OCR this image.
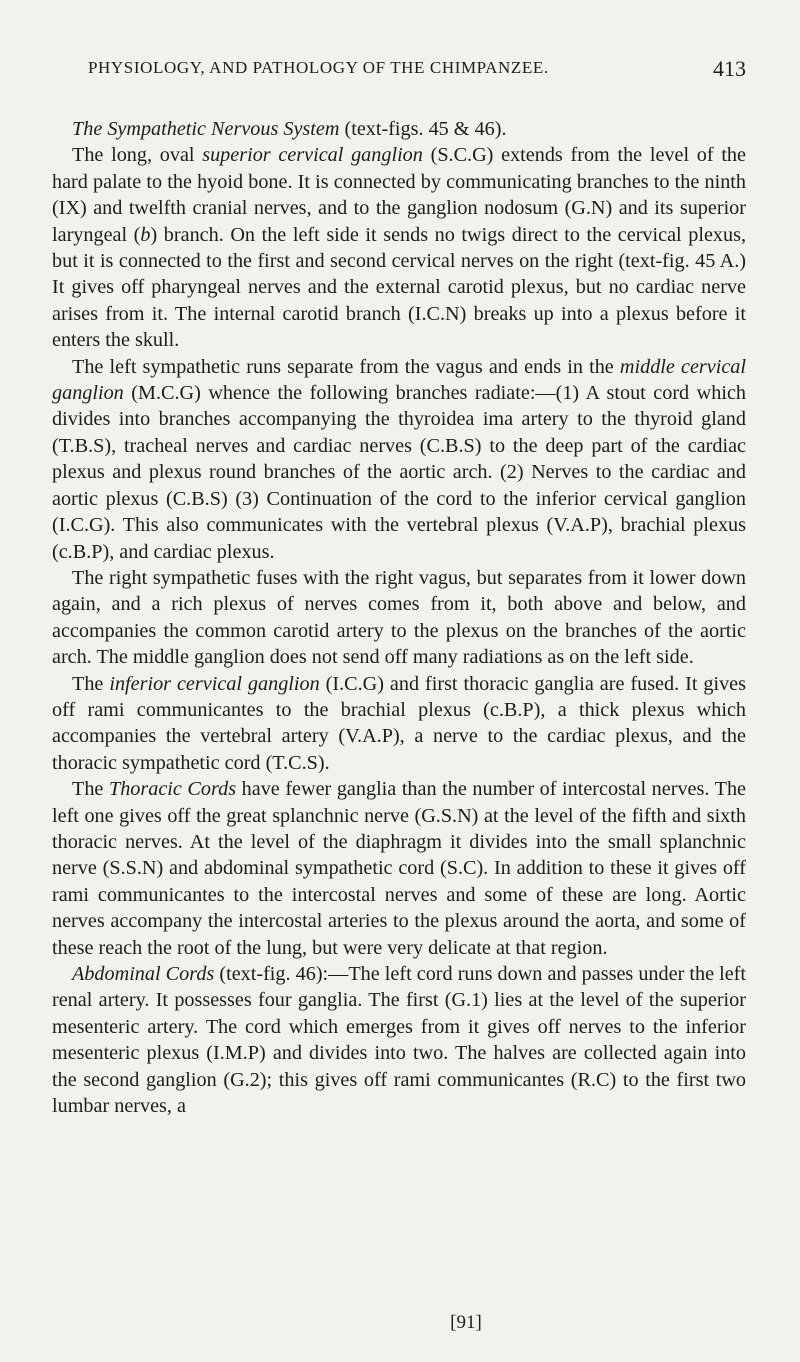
PHYSIOLOGY, AND PATHOLOGY OF THE CHIMPANZEE.	413

The Sympathetic Nervous System (text-figs. 45 & 46).

The long, oval superior cervical ganglion (S.C.G) extends from the level of the hard palate to the hyoid bone. It is connected by communicating branches to the ninth (IX) and twelfth cranial nerves, and to the ganglion nodosum (G.N) and its superior laryngeal (b) branch. On the left side it sends no twigs direct to the cervical plexus, but it is connected to the first and second cervical nerves on the right (text-fig. 45 A.) It gives off pharyngeal nerves and the external carotid plexus, but no cardiac nerve arises from it. The internal carotid branch (I.C.N) breaks up into a plexus before it enters the skull.

The left sympathetic runs separate from the vagus and ends in the middle cervical ganglion (M.C.G) whence the following branches radiate:—(1) A stout cord which divides into branches accompanying the thyroidea ima artery to the thyroid gland (T.B.S), tracheal nerves and cardiac nerves (C.B.S) to the deep part of the cardiac plexus and plexus round branches of the aortic arch. (2) Nerves to the cardiac and aortic plexus (C.B.S) (3) Continuation of the cord to the inferior cervical ganglion (I.C.G). This also communicates with the vertebral plexus (V.A.P), brachial plexus (c.B.P), and cardiac plexus.

The right sympathetic fuses with the right vagus, but separates from it lower down again, and a rich plexus of nerves comes from it, both above and below, and accompanies the common carotid artery to the plexus on the branches of the aortic arch. The middle ganglion does not send off many radiations as on the left side.

The inferior cervical ganglion (I.C.G) and first thoracic ganglia are fused. It gives off rami communicantes to the brachial plexus (c.B.P), a thick plexus which accompanies the vertebral artery (V.A.P), a nerve to the cardiac plexus, and the thoracic sympathetic cord (T.C.S).

The Thoracic Cords have fewer ganglia than the number of intercostal nerves. The left one gives off the great splanchnic nerve (G.S.N) at the level of the fifth and sixth thoracic nerves. At the level of the diaphragm it divides into the small splanchnic nerve (S.S.N) and abdominal sympathetic cord (S.C). In addition to these it gives off rami communicantes to the intercostal nerves and some of these are long. Aortic nerves accompany the intercostal arteries to the plexus around the aorta, and some of these reach the root of the lung, but were very delicate at that region.

Abdominal Cords (text-fig. 46):—The left cord runs down and passes under the left renal artery. It possesses four ganglia. The first (G.1) lies at the level of the superior mesenteric artery. The cord which emerges from it gives off nerves to the inferior mesenteric plexus (I.M.P) and divides into two. The halves are collected again into the second ganglion (G.2); this gives off rami communicantes (R.C) to the first two lumbar nerves, a

[91]
